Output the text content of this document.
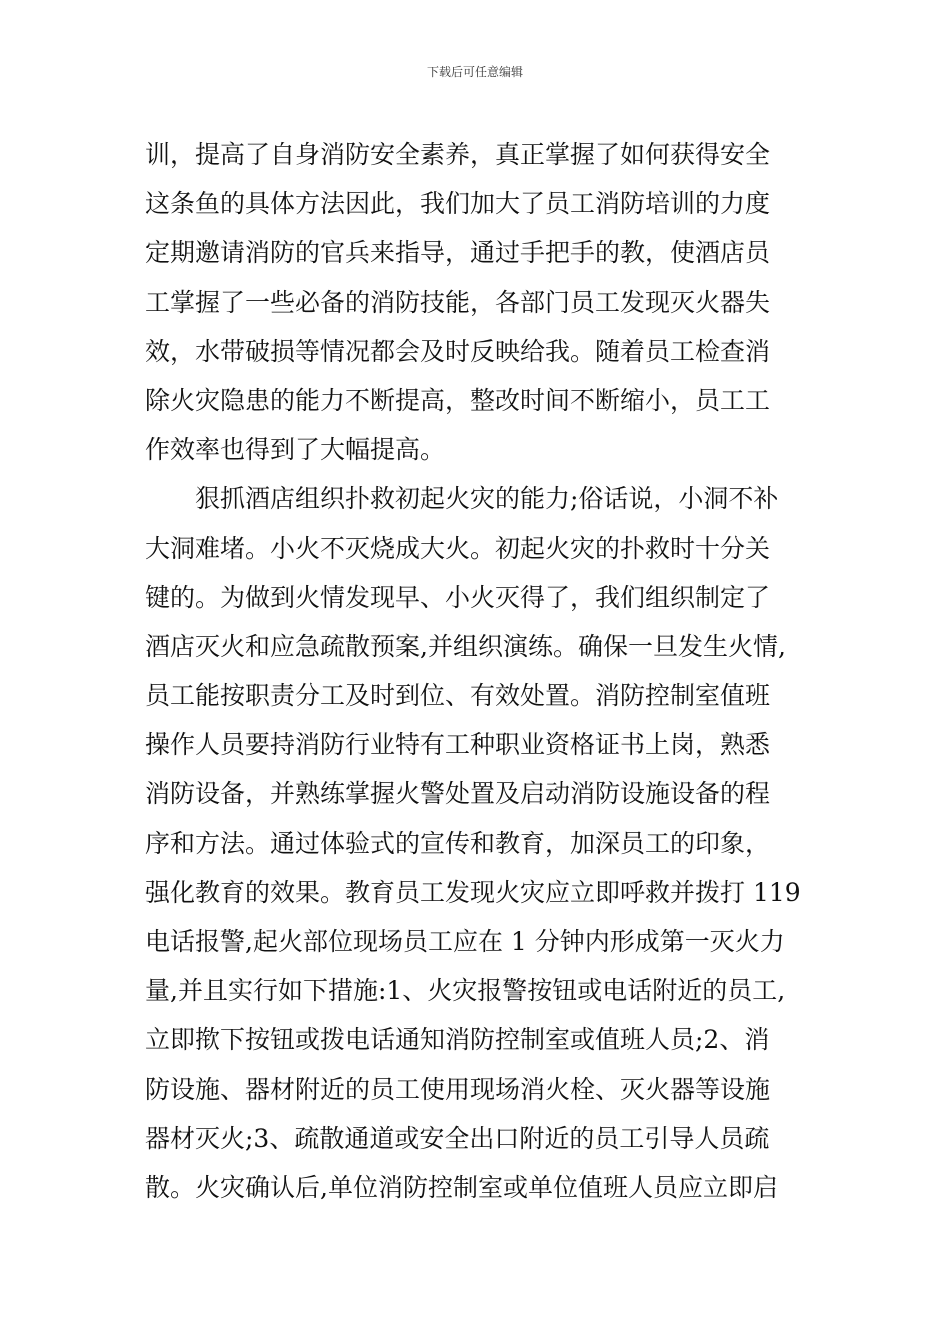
下载后可任意编辑
训，提高了自身消防安全素养，真正掌握了如何获得安全
这条鱼的具体方法因此，我们加大了员工消防培训的力度
定期邀请消防的官兵来指导，通过手把手的教，使酒店员
工掌握了一些必备的消防技能，各部门员工发现灭火器失
效，水带破损等情况都会及时反映给我。随着员工检查消
除火灾隐患的能力不断提高，整改时间不断缩小，员工工
作效率也得到了大幅提高。
　　狠抓酒店组织扑救初起火灾的能力;俗话说，小洞不补
大洞难堵。小火不灭烧成大火。初起火灾的扑救时十分关
键的。为做到火情发现早、小火灭得了，我们组织制定了
酒店灭火和应急疏散预案,并组织演练。确保一旦发生火情,
员工能按职责分工及时到位、有效处置。消防控制室值班
操作人员要持消防行业特有工种职业资格证书上岗，熟悉
消防设备，并熟练掌握火警处置及启动消防设施设备的程
序和方法。通过体验式的宣传和教育，加深员工的印象，
强化教育的效果。教育员工发现火灾应立即呼救并拨打 119
电话报警,起火部位现场员工应在 1 分钟内形成第一灭火力
量,并且实行如下措施:1、火灾报警按钮或电话附近的员工,
立即揿下按钮或拨电话通知消防控制室或值班人员;2、消
防设施、器材附近的员工使用现场消火栓、灭火器等设施
器材灭火;3、疏散通道或安全出口附近的员工引导人员疏
散。火灾确认后,单位消防控制室或单位值班人员应立即启
